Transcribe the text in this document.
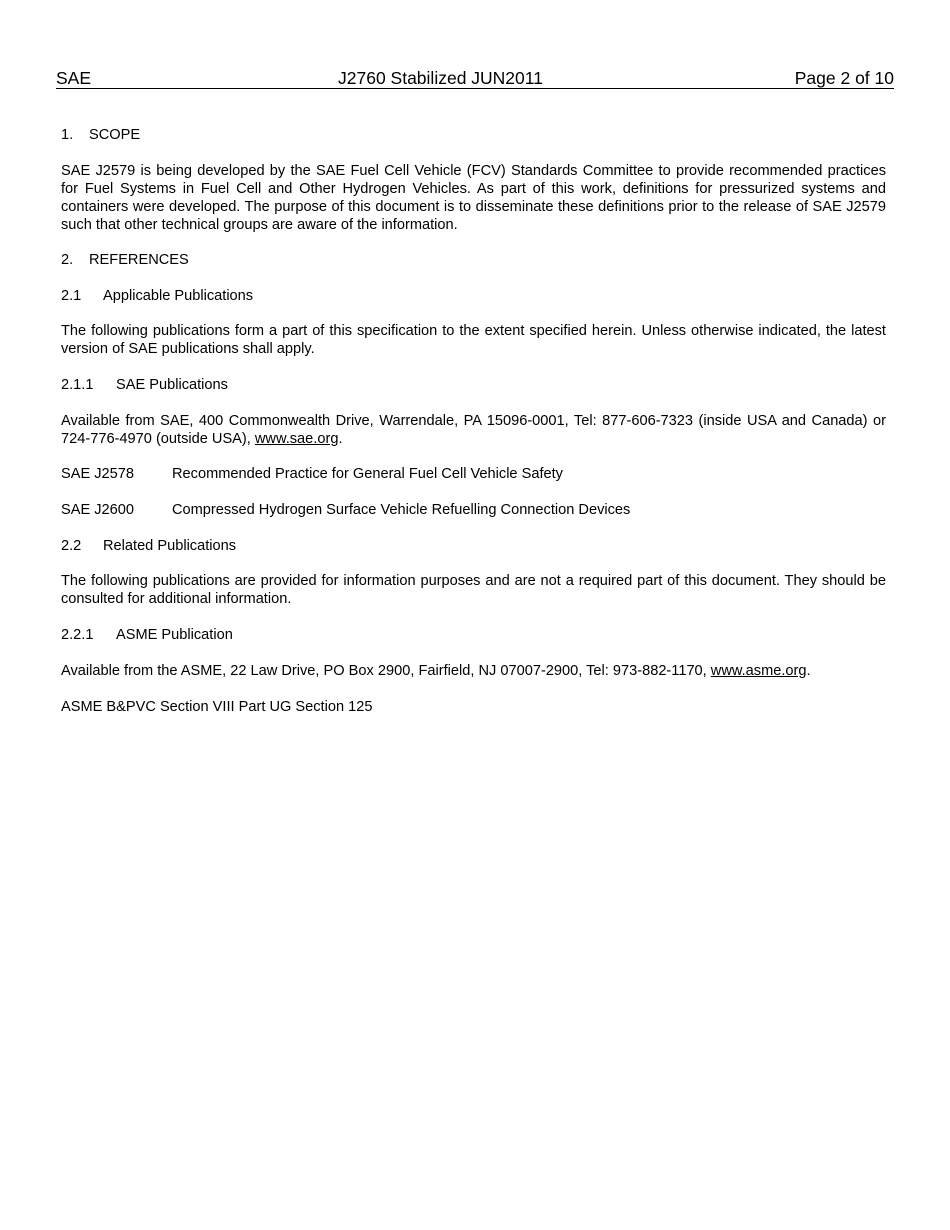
SAE	J2760 Stabilized JUN2011	Page 2 of 10
1. SCOPE
SAE J2579 is being developed by the SAE Fuel Cell Vehicle (FCV) Standards Committee to provide recommended practices for Fuel Systems in Fuel Cell and Other Hydrogen Vehicles. As part of this work, definitions for pressurized systems and containers were developed. The purpose of this document is to disseminate these definitions prior to the release of SAE J2579 such that other technical groups are aware of the information.
2. REFERENCES
2.1 Applicable Publications
The following publications form a part of this specification to the extent specified herein. Unless otherwise indicated, the latest version of SAE publications shall apply.
2.1.1 SAE Publications
Available from SAE, 400 Commonwealth Drive, Warrendale, PA 15096-0001, Tel: 877-606-7323 (inside USA and Canada) or 724-776-4970 (outside USA), www.sae.org.
SAE J2578	Recommended Practice for General Fuel Cell Vehicle Safety
SAE J2600	Compressed Hydrogen Surface Vehicle Refuelling Connection Devices
2.2 Related Publications
The following publications are provided for information purposes and are not a required part of this document. They should be consulted for additional information.
2.2.1 ASME Publication
Available from the ASME, 22 Law Drive, PO Box 2900, Fairfield, NJ 07007-2900, Tel: 973-882-1170, www.asme.org.
ASME B&PVC Section VIII Part UG Section 125
